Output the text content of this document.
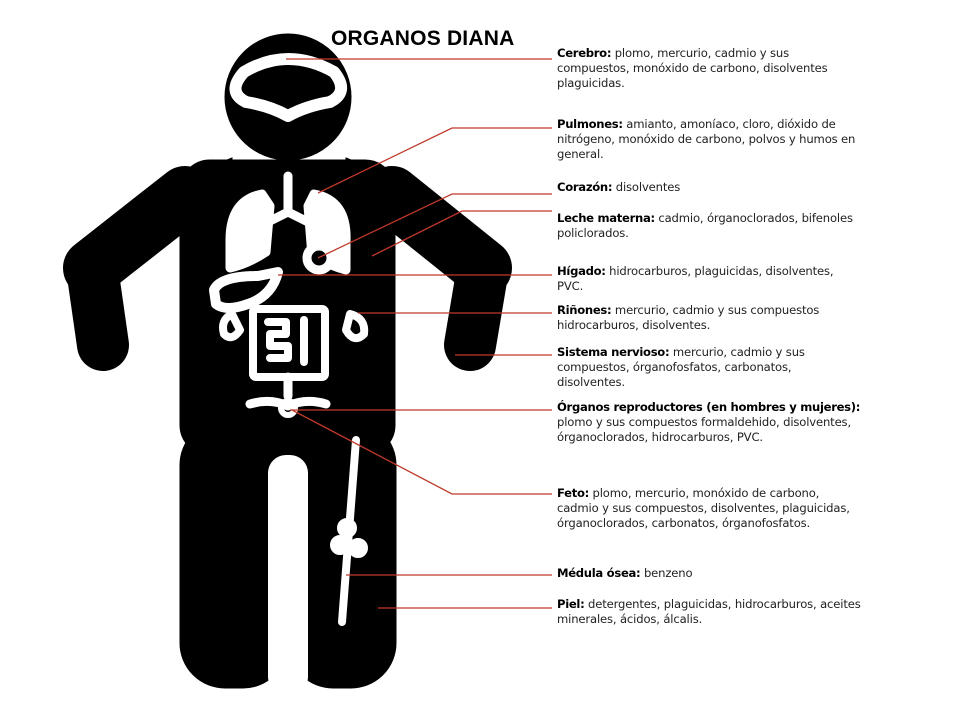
ORGANOS DIANA
Cerebro: plomo, mercurio, cadmio y sus compuestos, monóxido de carbono, disolventes plaguicidas.
Pulmones: amianto, amoníaco, cloro, dióxido de nitrógeno, monóxido de carbono, polvos y humos en general.
Corazón: disolventes
Leche materna: cadmio, órganoclorados, bifenoles policlorados.
Hígado: hidrocarburos, plaguicidas, disolventes, PVC.
Riñones: mercurio, cadmio y sus compuestos hidrocarburos, disolventes.
Sistema nervioso: mercurio, cadmio y sus compuestos, órganofosfatos, carbonatos, disolventes.
Órganos reproductores (en hombres y mujeres): plomo y sus compuestos formaldehido, disolventes, órganoclorados, hidrocarburos, PVC.
Feto: plomo, mercurio, monóxido de carbono, cadmio y sus compuestos, disolventes, plaguicidas, órganoclorados, carbonatos, órganofosfatos.
Médula ósea: benzeno
Piel: detergentes, plaguicidas, hidrocarburos, aceites minerales, ácidos, álcalis.
